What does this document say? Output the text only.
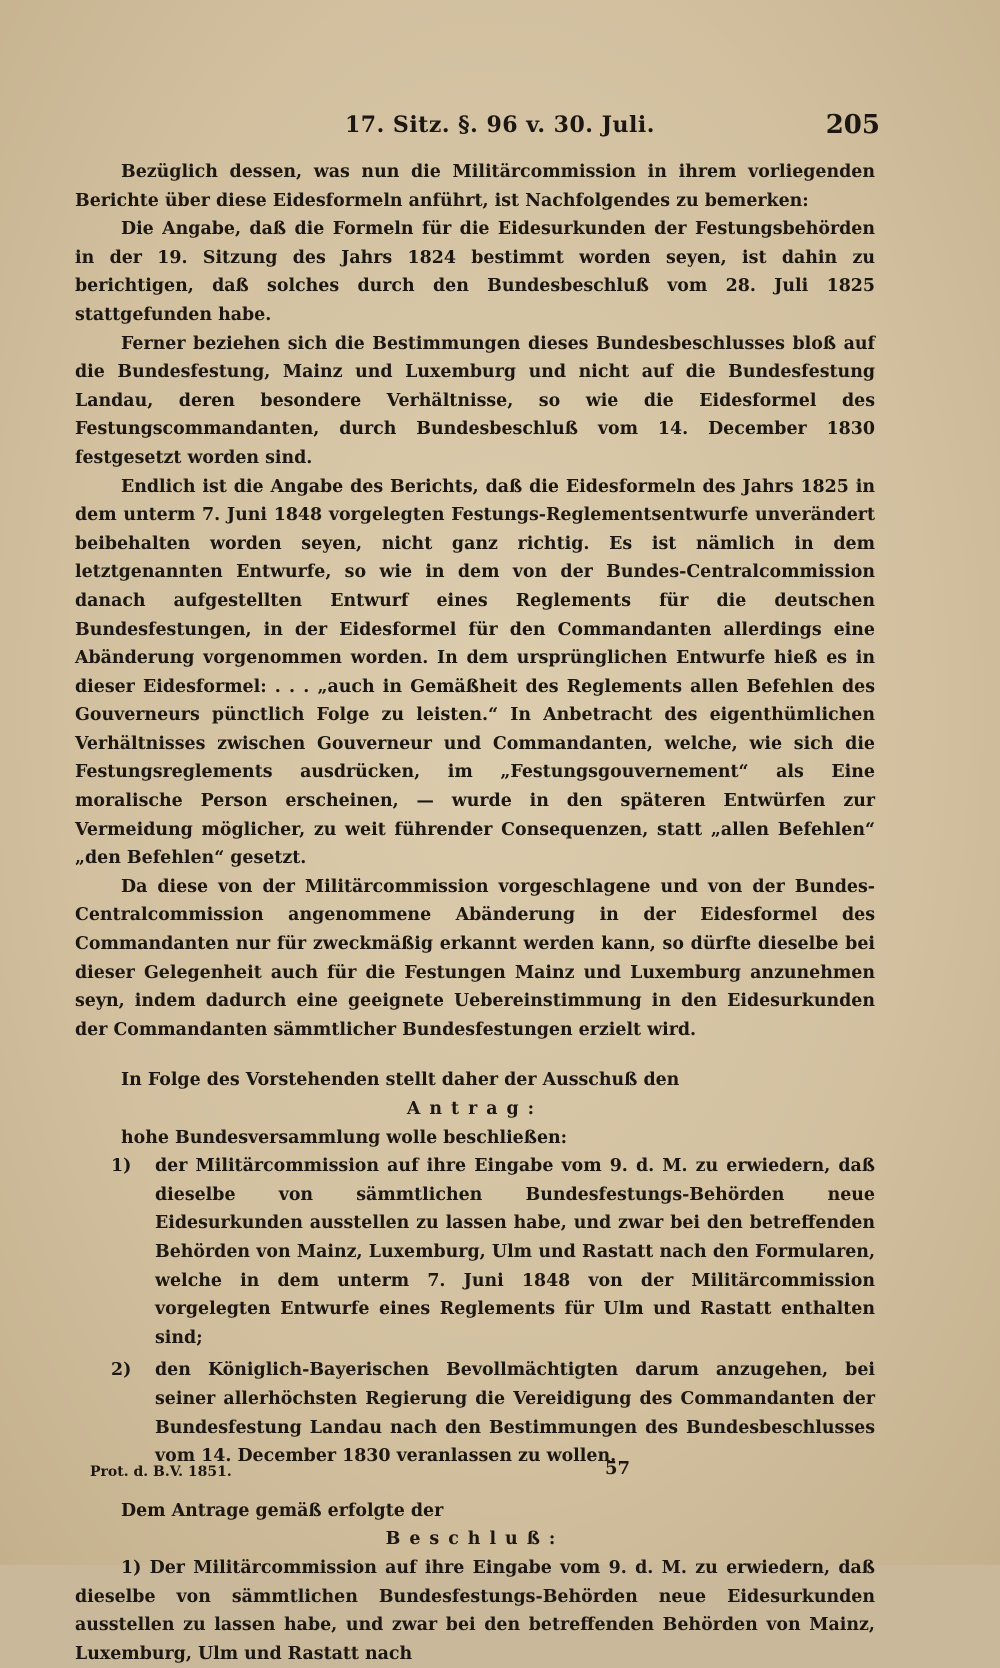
17. Sitz. §. 96 v. 30. Juli.	205

Bezüglich dessen, was nun die Militärcommission in ihrem vorliegenden Berichte über diese Eidesformeln anführt, ist Nachfolgendes zu bemerken:

Die Angabe, daß die Formeln für die Eidesurkunden der Festungsbehörden in der 19. Sitzung des Jahrs 1824 bestimmt worden seyen, ist dahin zu berichtigen, daß solches durch den Bundesbeschluß vom 28. Juli 1825 stattgefunden habe.

Ferner beziehen sich die Bestimmungen dieses Bundesbeschlusses bloß auf die Bundesfestung, Mainz und Luxemburg und nicht auf die Bundesfestung Landau, deren besondere Verhältnisse, so wie die Eidesformel des Festungscommandanten, durch Bundesbeschluß vom 14. December 1830 festgesetzt worden sind.

Endlich ist die Angabe des Berichts, daß die Eidesformeln des Jahrs 1825 in dem unterm 7. Juni 1848 vorgelegten Festungs-Reglementsentwurfe unverändert beibehalten worden seyen, nicht ganz richtig. Es ist nämlich in dem letztgenannten Entwurfe, so wie in dem von der Bundes-Centralcommission danach aufgestellten Entwurf eines Reglements für die deutschen Bundesfestungen, in der Eidesformel für den Commandanten allerdings eine Abänderung vorgenommen worden. In dem ursprünglichen Entwurfe hieß es in dieser Eidesformel: . . . „auch in Gemäßheit des Reglements allen Befehlen des Gouverneurs pünctlich Folge zu leisten.“ In Anbetracht des eigenthümlichen Verhältnisses zwischen Gouverneur und Commandanten, welche, wie sich die Festungsreglements ausdrücken, im „Festungsgouvernement“ als Eine moralische Person erscheinen, — wurde in den späteren Entwürfen zur Vermeidung möglicher, zu weit führender Consequenzen, statt „allen Befehlen“ „den Befehlen“ gesetzt.

Da diese von der Militärcommission vorgeschlagene und von der Bundes-Centralcommission angenommene Abänderung in der Eidesformel des Commandanten nur für zweckmäßig erkannt werden kann, so dürfte dieselbe bei dieser Gelegenheit auch für die Festungen Mainz und Luxemburg anzunehmen seyn, indem dadurch eine geeignete Uebereinstimmung in den Eidesurkunden der Commandanten sämmtlicher Bundesfestungen erzielt wird.

In Folge des Vorstehenden stellt daher der Ausschuß den

Antrag:

hohe Bundesversammlung wolle beschließen:

1) der Militärcommission auf ihre Eingabe vom 9. d. M. zu erwiedern, daß dieselbe von sämmtlichen Bundesfestungs-Behörden neue Eidesurkunden ausstellen zu lassen habe, und zwar bei den betreffenden Behörden von Mainz, Luxemburg, Ulm und Rastatt nach den Formularen, welche in dem unterm 7. Juni 1848 von der Militärcommission vorgelegten Entwurfe eines Reglements für Ulm und Rastatt enthalten sind;
2) den Königlich-Bayerischen Bevollmächtigten darum anzugehen, bei seiner allerhöchsten Regierung die Vereidigung des Commandanten der Bundesfestung Landau nach den Bestimmungen des Bundesbeschlusses vom 14. December 1830 veranlassen zu wollen.

Dem Antrage gemäß erfolgte der

Beschluß:

1) Der Militärcommission auf ihre Eingabe vom 9. d. M. zu erwiedern, daß dieselbe von sämmtlichen Bundesfestungs-Behörden neue Eidesurkunden ausstellen zu lassen habe, und zwar bei den betreffenden Behörden von Mainz, Luxemburg, Ulm und Rastatt nach

Prot. d. B.V. 1851.	57
